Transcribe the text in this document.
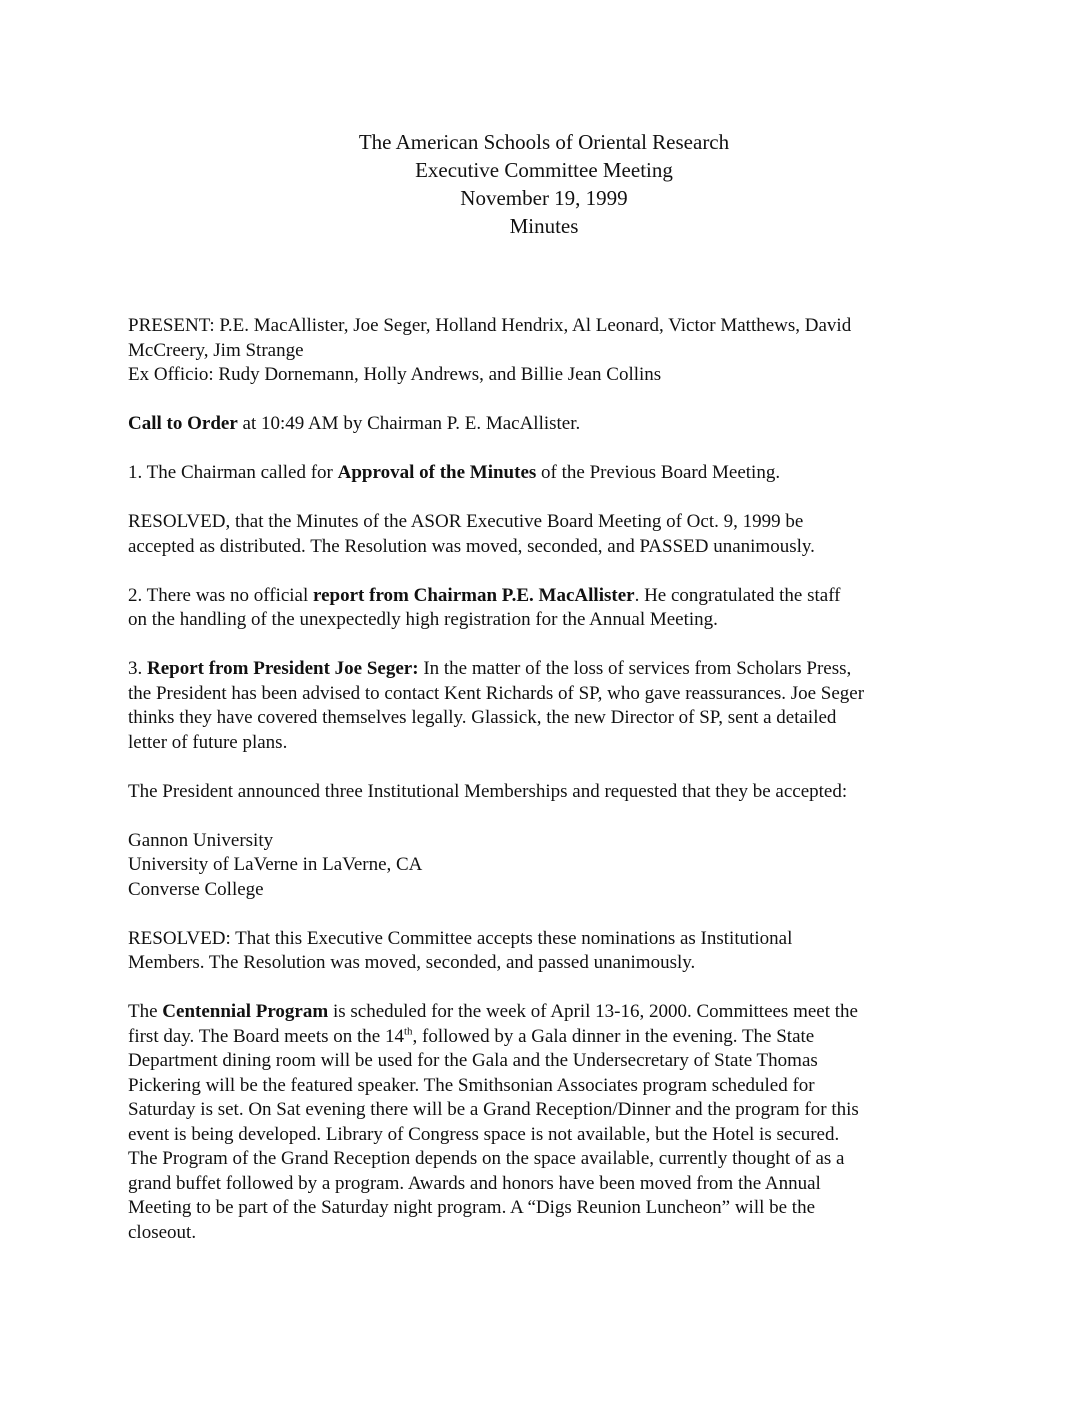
The American Schools of Oriental Research
Executive Committee Meeting
November 19, 1999
Minutes

PRESENT: P.E. MacAllister, Joe Seger, Holland Hendrix, Al Leonard, Victor Matthews, David
McCreery, Jim Strange
Ex Officio: Rudy Dornemann, Holly Andrews, and Billie Jean Collins

Call to Order at 10:49 AM by Chairman P. E. MacAllister.

1. The Chairman called for Approval of the Minutes of the Previous Board Meeting.

RESOLVED, that the Minutes of the ASOR Executive Board Meeting of Oct. 9, 1999 be
accepted as distributed. The Resolution was moved, seconded, and PASSED unanimously.

2. There was no official report from Chairman P.E. MacAllister. He congratulated the staff
on the handling of the unexpectedly high registration for the Annual Meeting.

3. Report from President Joe Seger: In the matter of the loss of services from Scholars Press,
the President has been advised to contact Kent Richards of SP, who gave reassurances. Joe Seger
thinks they have covered themselves legally. Glassick, the new Director of SP, sent a detailed
letter of future plans.

The President announced three Institutional Memberships and requested that they be accepted:

Gannon University
University of LaVerne in LaVerne, CA
Converse College

RESOLVED: That this Executive Committee accepts these nominations as Institutional
Members. The Resolution was moved, seconded, and passed unanimously.

The Centennial Program is scheduled for the week of April 13-16, 2000. Committees meet the
first day. The Board meets on the 14th, followed by a Gala dinner in the evening. The State
Department dining room will be used for the Gala and the Undersecretary of State Thomas
Pickering will be the featured speaker. The Smithsonian Associates program scheduled for
Saturday is set. On Sat evening there will be a Grand Reception/Dinner and the program for this
event is being developed. Library of Congress space is not available, but the Hotel is secured.
The Program of the Grand Reception depends on the space available, currently thought of as a
grand buffet followed by a program. Awards and honors have been moved from the Annual
Meeting to be part of the Saturday night program. A “Digs Reunion Luncheon” will be the
closeout.
